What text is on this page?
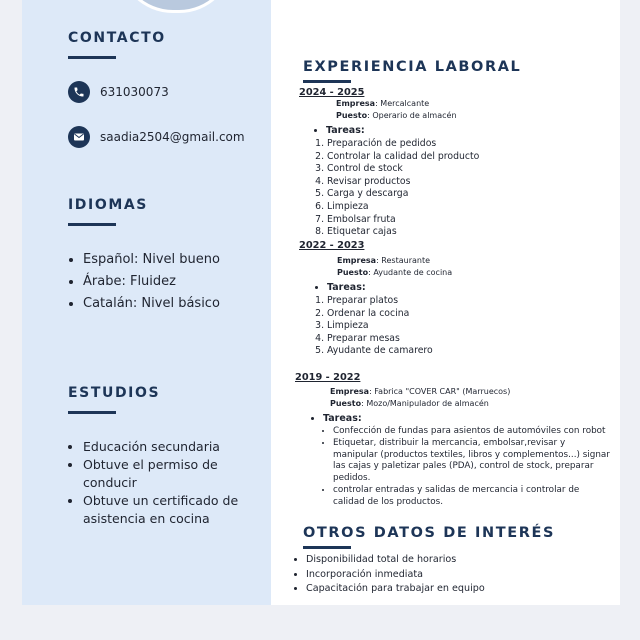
CONTACTO
631030073
saadia2504@gmail.com
IDIOMAS
• Español: Nivel bueno
• Árabe: Fluidez
• Catalán: Nivel básico
ESTUDIOS
• Educación secundaria
• Obtuve el permiso de conducir
• Obtuve un certificado de asistencia en cocina
EXPERIENCIA LABORAL
2024 - 2025
Empresa: Mercalcante
Puesto: Operario de almacén
• Tareas:
1. Preparación de pedidos
2. Controlar la calidad del producto
3. Control de stock
4. Revisar productos
5. Carga y descarga
6. Limpieza
7. Embolsar fruta
8. Etiquetar cajas
2022 - 2023
Empresa: Restaurante
Puesto: Ayudante de cocina
• Tareas:
1. Preparar platos
2. Ordenar la cocina
3. Limpieza
4. Preparar mesas
5. Ayudante de camarero
2019 - 2022
Empresa: Fabrica "COVER CAR" (Marruecos)
Puesto: Mozo/Manipulador de almacén
• Tareas:
• Confección de fundas para asientos de automóviles con robot
• Etiquetar, distribuir la mercancia, embolsar,revisar y manipular (productos textiles, libros y complementos...) signar las cajas y paletizar pales (PDA), control de stock, preparar pedidos.
• controlar entradas y salidas de mercancia i controlar de calidad de los productos.
OTROS DATOS DE INTERÉS
• Disponibilidad total de horarios
• Incorporación inmediata
• Capacitación para trabajar en equipo
